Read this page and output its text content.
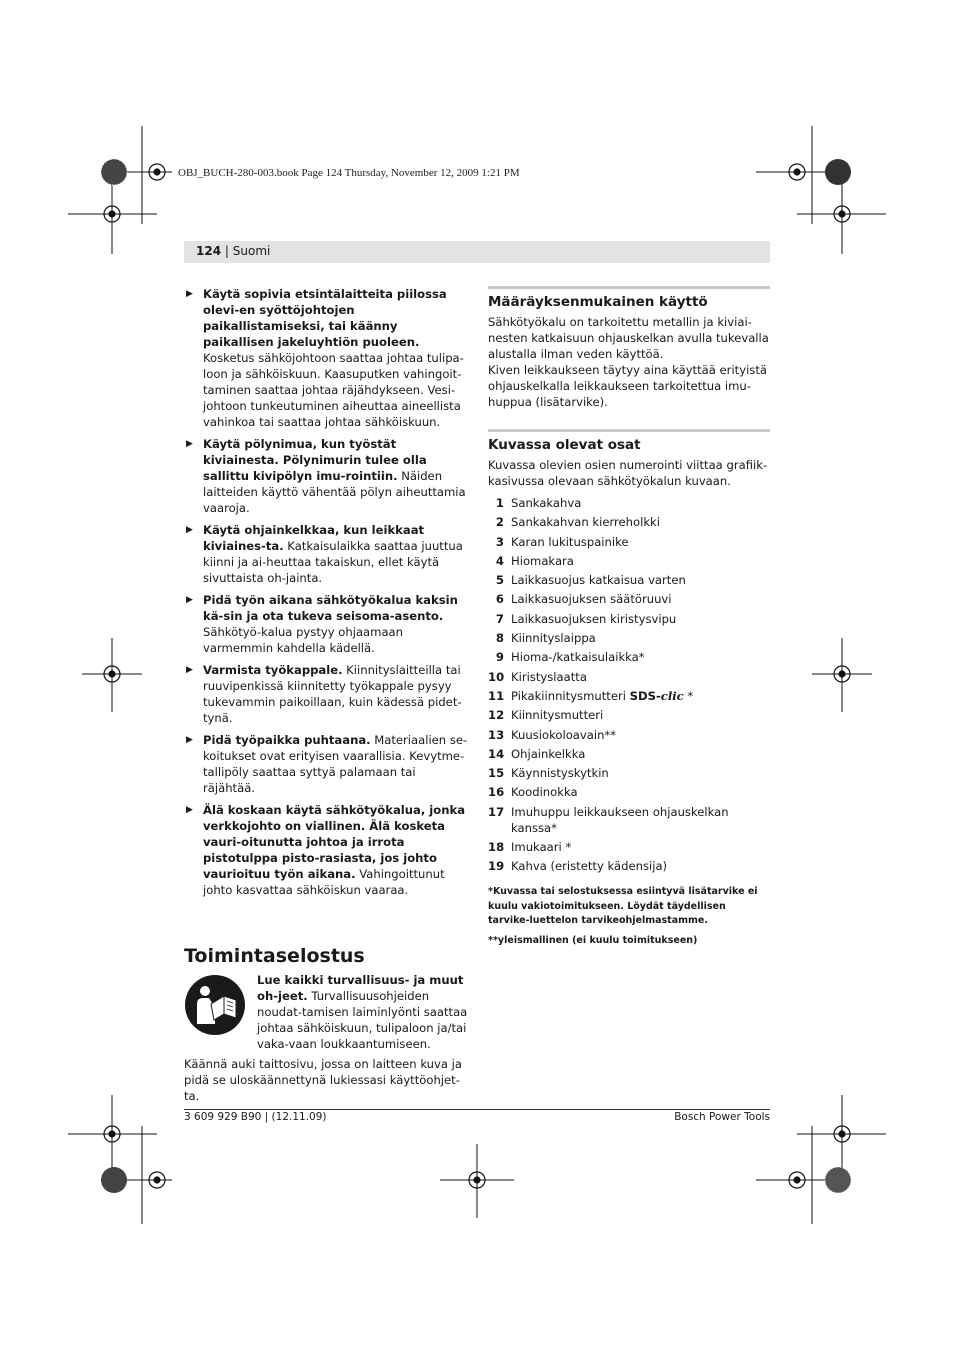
OBJ_BUCH-280-003.book Page 124 Thursday, November 12, 2009 1:21 PM
124 | Suomi
▶ Käytä sopivia etsintälaitteita piilossa olevi-en syöttöjohtojen paikallistamiseksi, tai käänny paikallisen jakeluyhtiön puoleen. Kosketus sähköjohtoon saattaa johtaa tulipa-loon ja sähköiskuun. Kaasuputken vahingoit-taminen saattaa johtaa räjähdykseen. Vesi-johtoon tunkeutuminen aiheuttaa aineellista vahinkoa tai saattaa johtaa sähköiskuun.
▶ Käytä pölynimua, kun työstät kiviainesta. Pölynimurin tulee olla sallittu kivipölyn imu-rointiin. Näiden laitteiden käyttö vähentää pölyn aiheuttamia vaaroja.
▶ Käytä ohjainkelkkaa, kun leikkaat kiviaines-ta. Katkaisulaikka saattaa juuttua kiinni ja ai-heuttaa takaiskun, ellet käytä sivuttaista oh-jainta.
▶ Pidä työn aikana sähkötyökalua kaksin kä-sin ja ota tukeva seisoma-asento. Sähkötyö-kalua pystyy ohjaamaan varmemmin kahdella kädellä.
▶ Varmista työkappale. Kiinnityslaitteilla tai ruuvipenkissä kiinnitetty työkappale pysyy tukevammin paikoillaan, kuin kädessä pidet-tynä.
▶ Pidä työpaikka puhtaana. Materiaalien se-koitukset ovat erityisen vaarallisia. Kevytme-tallipöly saattaa syttyä palamaan tai räjähtää.
▶ Älä koskaan käytä sähkötyökalua, jonka verkkojohto on viallinen. Älä kosketa vauri-oitunutta johtoa ja irrota pistotulppa pisto-rasiasta, jos johto vaurioituu työn aikana. Vahingoittunut johto kasvattaa sähköiskun vaaraa.
Toimintaselostus
Lue kaikki turvallisuus- ja muut oh-jeet. Turvallisuusohjeiden noudat-tamisen laiminlyönti saattaa johtaa sähköiskuun, tulipaloon ja/tai vaka-vaan loukkaantumiseen.
Käännä auki taittosivu, jossa on laitteen kuva ja pidä se uloskäännettynä lukiessasi käyttöohjet-ta.
Määräyksenmukainen käyttö
Sähkötyökalu on tarkoitettu metallin ja kiviai-nesten katkaisuun ohjauskelkan avulla tukevalla alustalla ilman veden käyttöä.
Kiven leikkaukseen täytyy aina käyttää erityistä ohjauskelkalla leikkaukseen tarkoitettua imu-huppua (lisätarvike).
Kuvassa olevat osat
Kuvassa olevien osien numerointi viittaa grafiik-kasivussa olevaan sähkötyökalun kuvaan.
1 Sankakahva
2 Sankakahvan kierreholkki
3 Karan lukituspainike
4 Hiomakara
5 Laikkasuojus katkaisua varten
6 Laikkasuojuksen säätöruuvi
7 Laikkasuojuksen kiristysvipu
8 Kiinnityslaippa
9 Hioma-/katkaisulaikka*
10 Kiristyslaatta
11 Pikakiinnitysmutteri SDS-clic *
12 Kiinnitysmutteri
13 Kuusiokoloavain**
14 Ohjainkelkka
15 Käynnistyskytkin
16 Koodinokka
17 Imuhuppu leikkaukseen ohjauskelkan kanssa*
18 Imukaari *
19 Kahva (eristetty kädensija)
*Kuvassa tai selostuksessa esiintyvä lisätarvike ei kuulu vakiotoimitukseen. Löydät täydellisen tarvike-luettelon tarvikeohjelmastamme.
**yleismallinen (ei kuulu toimitukseen)
3 609 929 B90 | (12.11.09)	Bosch Power Tools
